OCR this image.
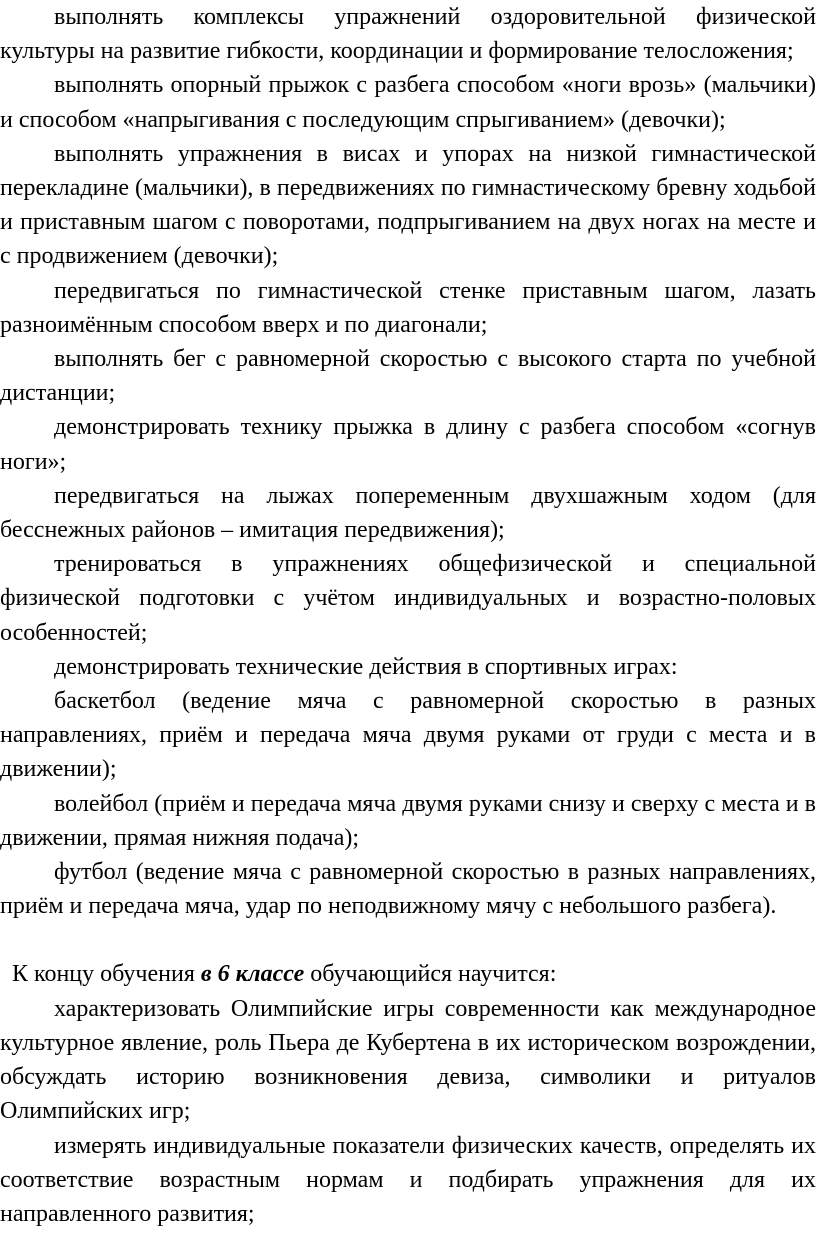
выполнять комплексы упражнений оздоровительной физической культуры на развитие гибкости, координации и формирование телосложения;

выполнять опорный прыжок с разбега способом «ноги врозь» (мальчики) и способом «напрыгивания с последующим спрыгиванием» (девочки);

выполнять упражнения в висах и упорах на низкой гимнастической перекладине (мальчики), в передвижениях по гимнастическому бревну ходьбой и приставным шагом с поворотами, подпрыгиванием на двух ногах на месте и с продвижением (девочки);

передвигаться по гимнастической стенке приставным шагом, лазать разноимённым способом вверх и по диагонали;

выполнять бег с равномерной скоростью с высокого старта по учебной дистанции;

демонстрировать технику прыжка в длину с разбега способом «согнув ноги»;

передвигаться на лыжах попеременным двухшажным ходом (для бесснежных районов – имитация передвижения);

тренироваться в упражнениях общефизической и специальной физической подготовки с учётом индивидуальных и возрастно-половых особенностей;

демонстрировать технические действия в спортивных играх:

баскетбол (ведение мяча с равномерной скоростью в разных направлениях, приём и передача мяча двумя руками от груди с места и в движении);

волейбол (приём и передача мяча двумя руками снизу и сверху с места и в движении, прямая нижняя подача);

футбол (ведение мяча с равномерной скоростью в разных направлениях, приём и передача мяча, удар по неподвижному мячу с небольшого разбега).

К концу обучения в 6 классе обучающийся научится:

характеризовать Олимпийские игры современности как международное культурное явление, роль Пьера де Кубертена в их историческом возрождении, обсуждать историю возникновения девиза, символики и ритуалов Олимпийских игр;

измерять индивидуальные показатели физических качеств, определять их соответствие возрастным нормам и подбирать упражнения для их направленного развития;
